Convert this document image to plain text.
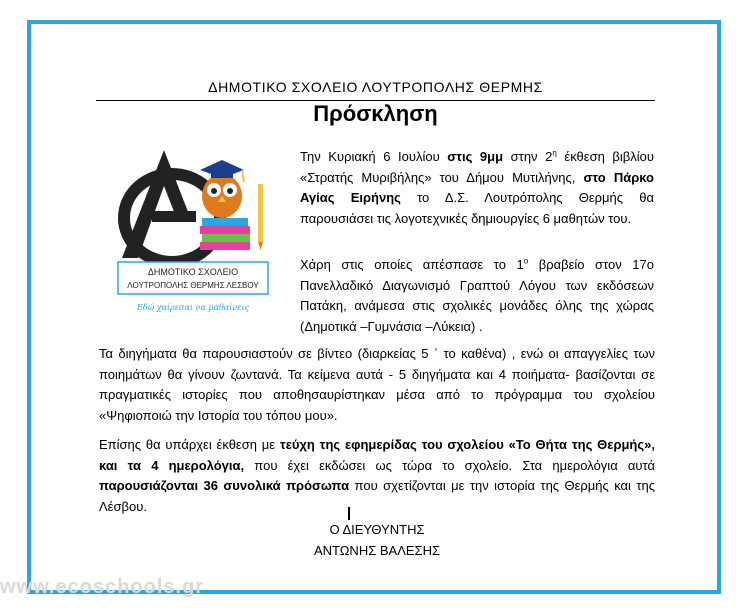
ΔΗΜΟΤΙΚΟ ΣΧΟΛΕΙΟ ΛΟΥΤΡΟΠΟΛΗΣ ΘΕΡΜΗΣ
Πρόσκληση
ΔΗΜΟΤΙΚΟ ΣΧΟΛΕΙΟ
ΛΟΥΤΡΟΠΟΛΗΣ ΘΕΡΜΗΣ ΛΕΣΒΟΥ
Εδώ χαίρεσαι να μαθαίνεις
Την Κυριακή 6 Ιουλίου στις 9μμ στην $2^\eta$ έκθεση βιβλίου «Στρατής Μυριβήλης» του Δήμου Μυτιλήνης, στο Πάρκο Αγίας Ειρήνης το Δ.Σ. Λουτρόπολης Θερμής θα παρουσιάσει τις λογοτεχνικές δημιουργίες 6 μαθητών του.
Χάρη στις οποίες απέσπασε το $1^o$ βραβείο στον 17ο Πανελλαδικό Διαγωνισμό Γραπτού Λόγου των εκδόσεων Πατάκη, ανάμεσα στις σχολικές μονάδες όλης της χώρας (Δημοτικά –Γυμνάσια –Λύκεια) .
Τα διηγήματα θα παρουσιαστούν σε βίντεο (διαρκείας 5 ΄ το καθένα) , ενώ οι απαγγελίες των ποιημάτων θα γίνουν ζωντανά. Τα κείμενα αυτά - 5 διηγήματα και 4 ποιήματα- βασίζονται σε πραγματικές ιστορίες που αποθησαυρίστηκαν μέσα από το πρόγραμμα του σχολείου «Ψηφιοποιώ την Ιστορία του τόπου μου».
Επίσης θα υπάρχει έκθεση με τεύχη της εφημερίδας του σχολείου «Το Θήτα της Θερμής», και τα 4 ημερολόγια, που έχει εκδώσει ως τώρα το σχολείο. Στα ημερολόγια αυτά παρουσιάζονται 36 συνολικά πρόσωπα που σχετίζονται με την ιστορία της Θερμής και της Λέσβου.
Ο ΔΙΕΥΘΥΝΤΗΣ
ΑΝΤΩΝΗΣ ΒΑΛΕΣΗΣ
www.ecoschools.gr
